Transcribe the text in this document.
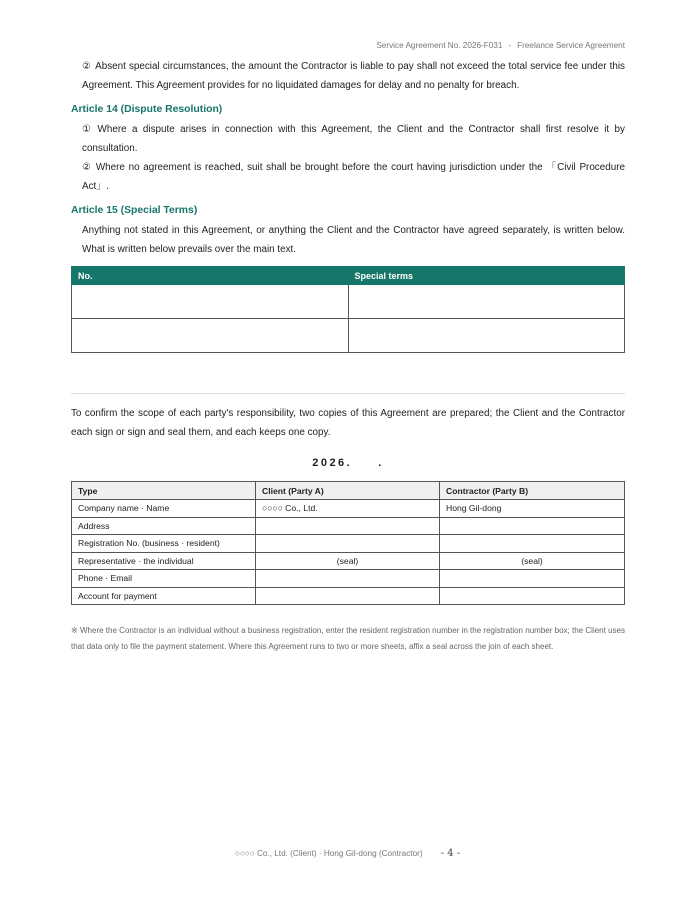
Service Agreement No. 2026-F031 - Freelance Service Agreement

② Absent special circumstances, the amount the Contractor is liable to pay shall not exceed the total service fee under this Agreement. This Agreement provides for no liquidated damages for delay and no penalty for breach.

Article 14 (Dispute Resolution)

① Where a dispute arises in connection with this Agreement, the Client and the Contractor shall first resolve it by consultation.

② Where no agreement is reached, suit shall be brought before the court having jurisdiction under the 「Civil Procedure Act」.

Article 15 (Special Terms)

Anything not stated in this Agreement, or anything the Client and the Contractor have agreed separately, is written below. What is written below prevails over the main text.

No.	Special terms

To confirm the scope of each party's responsibility, two copies of this Agreement are prepared; the Client and the Contractor each sign or sign and seal them, and each keeps one copy.

2026. .
Type	Client (Party A)	Contractor (Party B)
Company name · Name	○○○○ Co., Ltd.	Hong Gil-dong
Address		
Registration No. (business · resident)		
Representative · the individual	(seal)	(seal)
Phone · Email		
Account for payment		

※ Where the Contractor is an individual without a business registration, enter the resident registration number in the registration number box; the Client uses that data only to file the payment statement. Where this Agreement runs to two or more sheets, affix a seal across the join of each sheet.

○○○○ Co., Ltd. (Client) · Hong Gil-dong (Contractor) - 4 -
